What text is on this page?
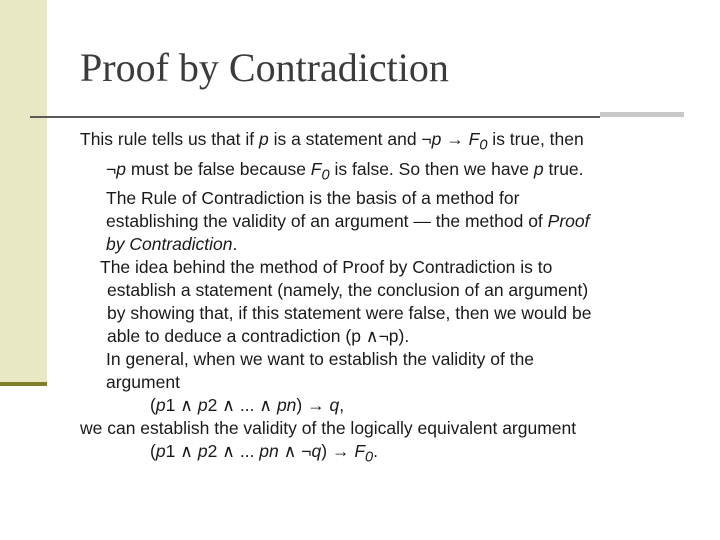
Proof by Contradiction
This rule tells us that if p is a statement and ¬p → $F_0$ is true, then
¬p must be false because $F_0$ is false. So then we have p true.
The Rule of Contradiction is the basis of a method for
establishing the validity of an argument — the method of Proof
by Contradiction.
The idea behind the method of Proof by Contradiction is to
establish a statement (namely, the conclusion of an argument)
by showing that, if this statement were false, then we would be
able to deduce a contradiction (p ∧¬p).
In general, when we want to establish the validity of the
argument
(p1 ∧ p2 ∧ ... ∧ pn) → q,
we can establish the validity of the logically equivalent argument
(p1 ∧ p2 ∧ ... pn ∧ ¬q) → $F_0$.
